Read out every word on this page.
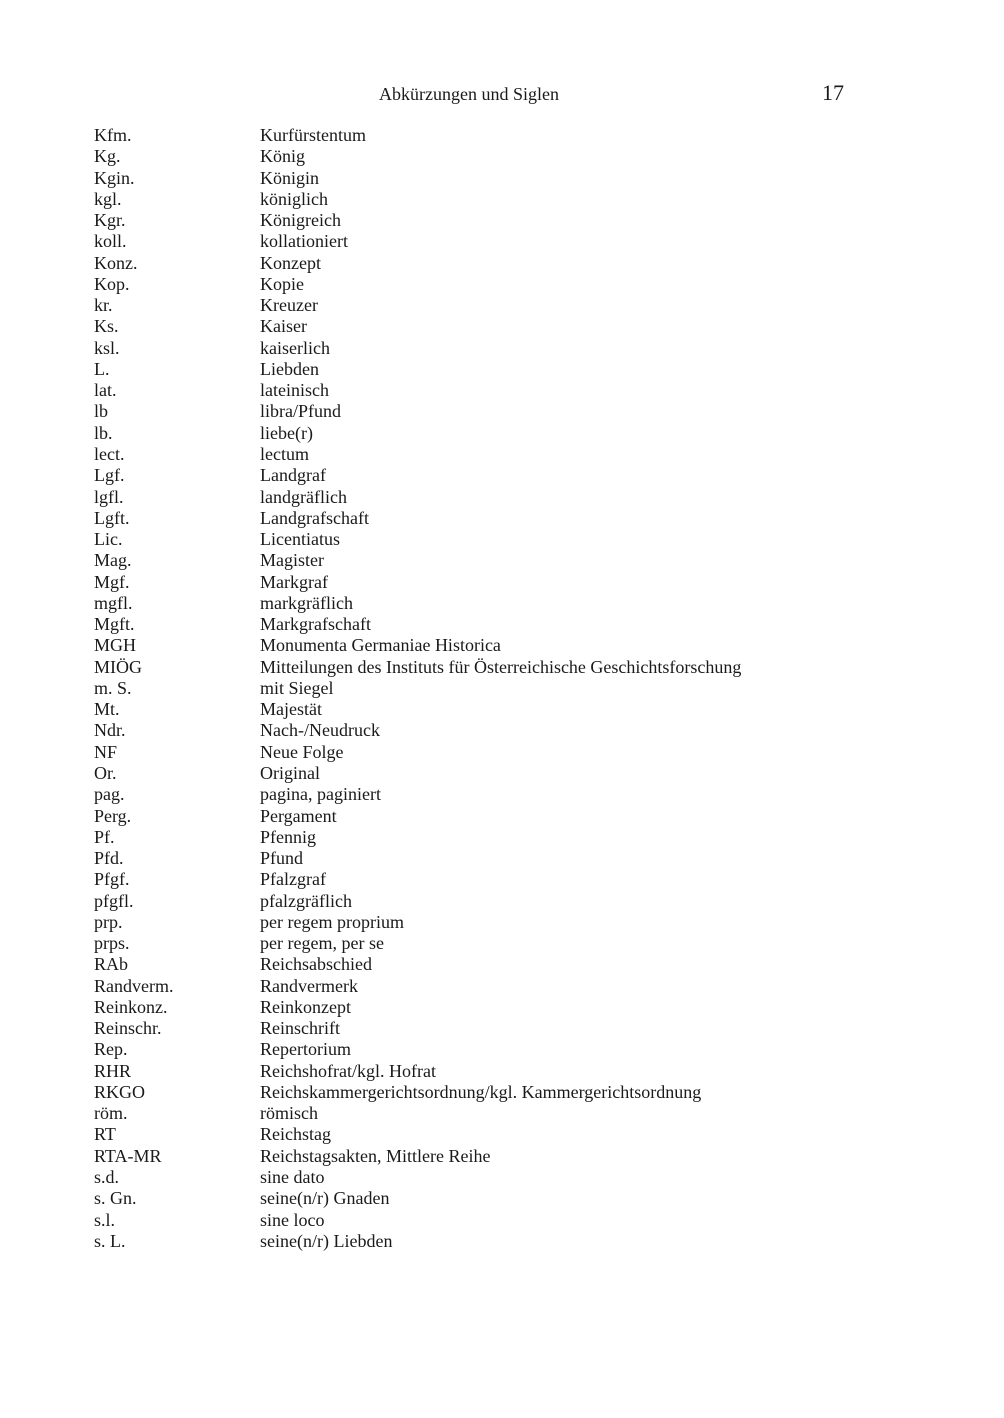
Abkürzungen und Siglen	17
Kfm.	Kurfürstentum
Kg.	König
Kgin.	Königin
kgl.	königlich
Kgr.	Königreich
koll.	kollationiert
Konz.	Konzept
Kop.	Kopie
kr.	Kreuzer
Ks.	Kaiser
ksl.	kaiserlich
L.	Liebden
lat.	lateinisch
lb	libra/Pfund
lb.	liebe(r)
lect.	lectum
Lgf.	Landgraf
lgfl.	landgräflich
Lgft.	Landgrafschaft
Lic.	Licentiatus
Mag.	Magister
Mgf.	Markgraf
mgfl.	markgräflich
Mgft.	Markgrafschaft
MGH	Monumenta Germaniae Historica
MIÖG	Mitteilungen des Instituts für Österreichische Geschichtsforschung
m. S.	mit Siegel
Mt.	Majestät
Ndr.	Nach-/Neudruck
NF	Neue Folge
Or.	Original
pag.	pagina, paginiert
Perg.	Pergament
Pf.	Pfennig
Pfd.	Pfund
Pfgf.	Pfalzgraf
pfgfl.	pfalzgräflich
prp.	per regem proprium
prps.	per regem, per se
RAb	Reichsabschied
Randverm.	Randvermerk
Reinkonz.	Reinkonzept
Reinschr.	Reinschrift
Rep.	Repertorium
RHR	Reichshofrat/kgl. Hofrat
RKGO	Reichskammergerichtsordnung/kgl. Kammergerichtsordnung
röm.	römisch
RT	Reichstag
RTA-MR	Reichstagsakten, Mittlere Reihe
s.d.	sine dato
s. Gn.	seine(n/r) Gnaden
s.l.	sine loco
s. L.	seine(n/r) Liebden
